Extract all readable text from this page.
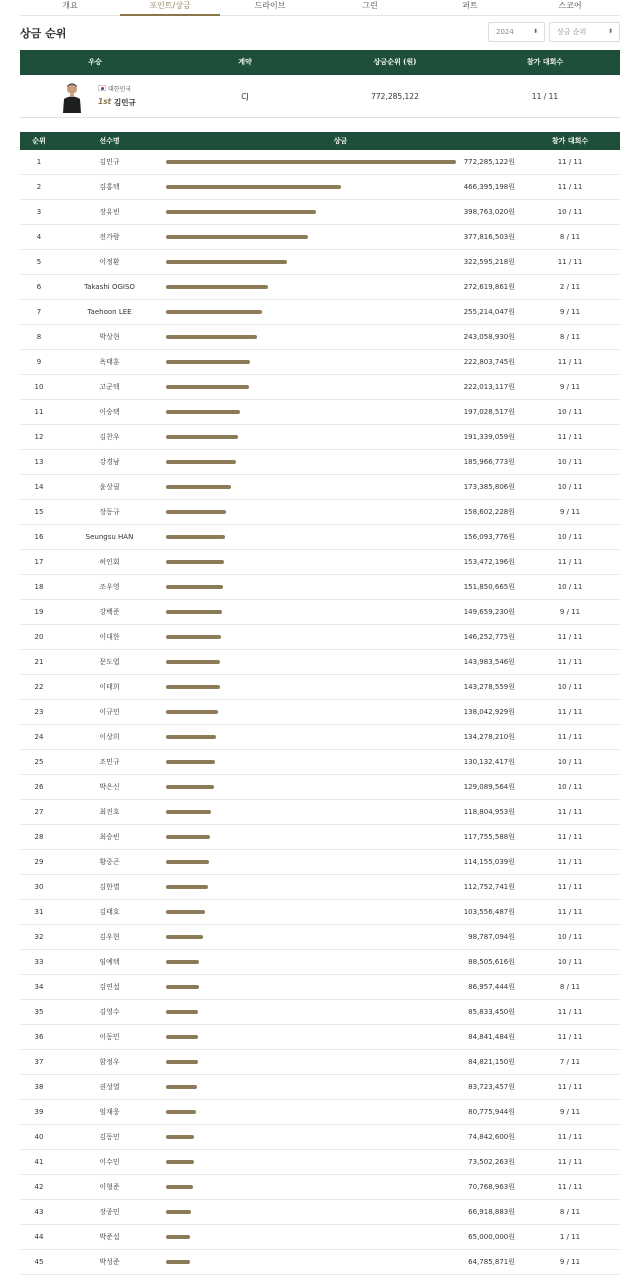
개요	포인트/상금	드라이브	그린	퍼트	스코어
상금 순위	2024	⬍	상금 순위	⬍
우승	계약	상금순위 (원)	참가 대회수
대한민국
1st 김민규
CJ	772,285,122	11 / 11
순위	선수명	상금	참가 대회수
1	김민규	772,285,122원	11 / 11
2	김홍택	466,395,198원	11 / 11
3	장유빈	398,763,020원	10 / 11
4	전가람	377,816,503원	8 / 11
5	이정환	322,595,218원	11 / 11
6	Takashi OGISO	272,619,861원	2 / 11
7	Taehoon LEE	255,214,047원	9 / 11
8	박상현	243,058,930원	8 / 11
9	옥태훈	222,803,745원	11 / 11
10	고군택	222,013,117원	9 / 11
11	이승택	197,028,517원	10 / 11
12	김찬우	191,339,059원	11 / 11
13	강경남	185,966,773원	10 / 11
14	윤상필	173,385,806원	10 / 11
15	장동규	158,602,228원	9 / 11
16	Seungsu HAN	156,093,776원	10 / 11
17	허인회	153,472,196원	11 / 11
18	조우영	151,850,665원	10 / 11
19	강백준	149,659,230원	9 / 11
20	이대한	146,252,775원	11 / 11
21	문도엽	143,983,546원	11 / 11
22	이태희	143,278,559원	10 / 11
23	이규민	138,042,929원	11 / 11
24	이상희	134,278,210원	11 / 11
25	조민규	130,132,417원	10 / 11
26	박은신	129,089,564원	10 / 11
27	최진호	118,804,953원	11 / 11
28	최승빈	117,755,588원	11 / 11
29	황중곤	114,155,039원	11 / 11
30	김한별	112,752,741원	11 / 11
31	김태호	103,556,487원	11 / 11
32	김우현	98,787,094원	10 / 11
33	임예택	88,505,616원	10 / 11
34	김연섭	86,957,444원	8 / 11
35	김영수	85,833,450원	11 / 11
36	이동민	84,841,484원	11 / 11
37	함정우	84,821,150원	7 / 11
38	권성열	83,723,457원	11 / 11
39	엄재웅	80,775,944원	9 / 11
40	김동민	74,842,600원	11 / 11
41	이수민	73,502,263원	11 / 11
42	이형준	70,768,963원	11 / 11
43	장종민	66,918,883원	8 / 11
44	박준섭	65,000,000원	1 / 11
45	박성준	64,785,871원	9 / 11
